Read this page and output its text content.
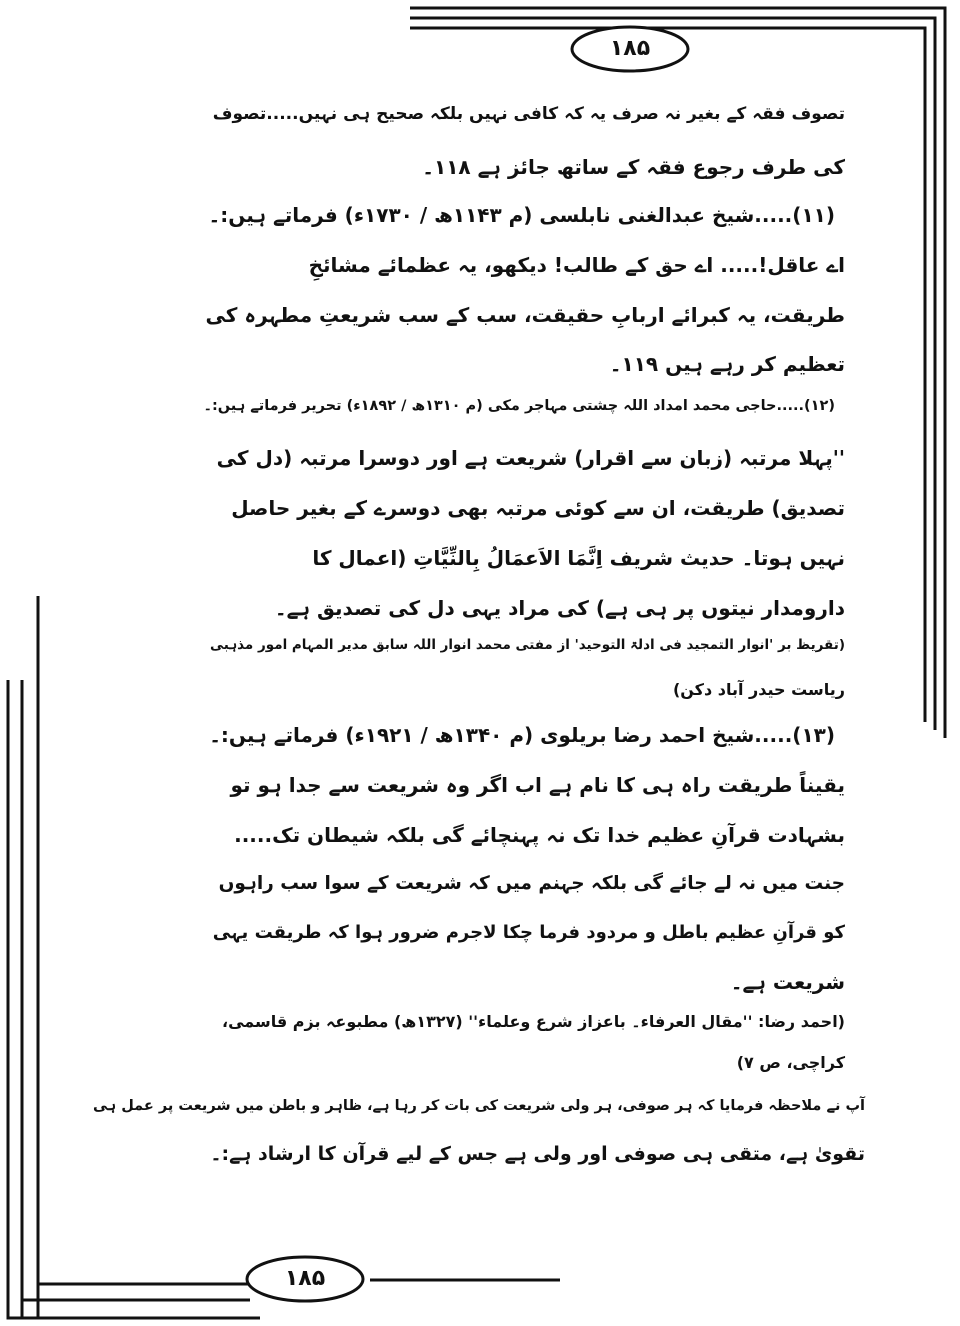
۱۸۵
۱۸۵
تصوف فقہ کے بغیر نہ صرف یہ کہ کافی نہیں بلکہ صحیح ہی نہیں.....تصوف
کی طرف رجوع فقہ کے ساتھ جائز ہے ۱۱۸۔
(۱۱).....شیخ عبدالغنی نابلسی (م ۱۱۴۳ھ / ۱۷۳۰ء) فرماتے ہیں:۔
اے عاقل!..... اے حق کے طالب! دیکھو، یہ عظمائے مشائخِ
طریقت، یہ کبرائے اربابِ حقیقت، سب کے سب شریعتِ مطہرہ کی
تعظیم کر رہے ہیں ۱۱۹۔
(۱۲).....حاجی محمد امداد اللہ چشتی مہاجر مکی (م ۱۳۱۰ھ / ۱۸۹۲ء) تحریر فرماتے ہیں:۔
''پہلا مرتبہ (زبان سے اقرار) شریعت ہے اور دوسرا مرتبہ (دل کی
تصدیق) طریقت، ان سے کوئی مرتبہ بھی دوسرے کے بغیر حاصل
نہیں ہوتا۔ حدیث شریف اِنَّمَا الاَعمَالُ بِالنِّیَّاتِ (اعمال کا
دارومدار نیتوں پر ہی ہے) کی مراد یہی دل کی تصدیق ہے۔
(تقریظ بر 'انوار التمجید فی ادلۃ التوحید' از مفتی محمد انوار اللہ سابق مدیر المہام امور مذہبی
ریاست حیدر آباد دکن)
(۱۳).....شیخ احمد رضا بریلوی (م ۱۳۴۰ھ / ۱۹۲۱ء) فرماتے ہیں:۔
یقیناً طریقت راہ ہی کا نام ہے اب اگر وہ شریعت سے جدا ہو تو
بشہادت قرآنِ عظیم خدا تک نہ پہنچائے گی بلکہ شیطان تک.....
جنت میں نہ لے جائے گی بلکہ جہنم میں کہ شریعت کے سوا سب راہوں
کو قرآنِ عظیم باطل و مردود فرما چکا لاجرم ضرور ہوا کہ طریقت یہی
شریعت ہے۔
(احمد رضا: ''مقال العرفاء۔ باعزاز شرع وعلماء'' (۱۳۲۷ھ) مطبوعہ بزم قاسمی،
کراچی، ص ۷)
آپ نے ملاحظہ فرمایا کہ ہر صوفی، ہر ولی شریعت کی بات کر رہا ہے، ظاہر و باطن میں شریعت پر عمل ہی
تقویٰ ہے، متقی ہی صوفی اور ولی ہے جس کے لیے قرآن کا ارشاد ہے:۔
